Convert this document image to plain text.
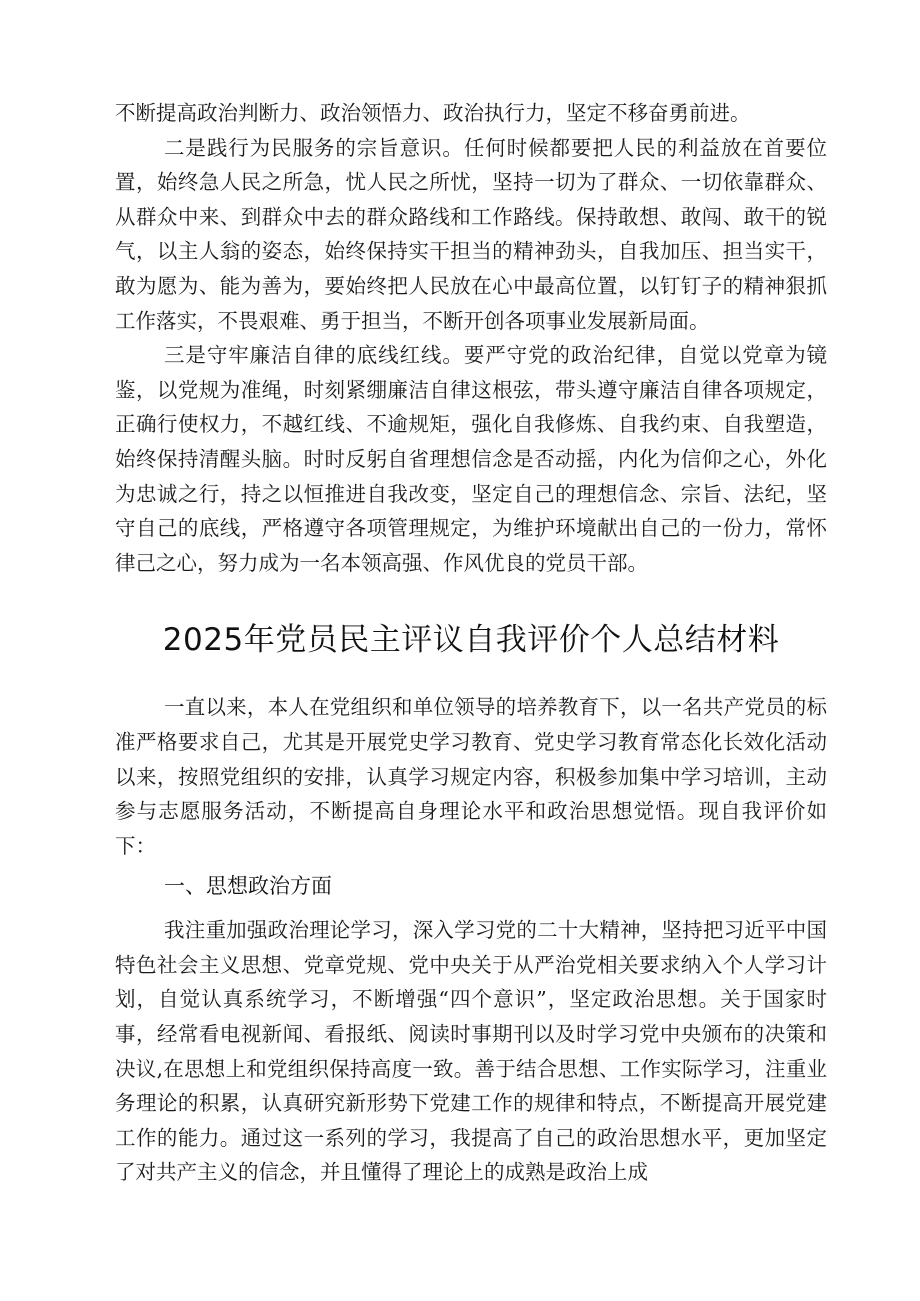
不断提高政治判断力、政治领悟力、政治执行力，坚定不移奋勇前进。

二是践行为民服务的宗旨意识。任何时候都要把人民的利益放在首要位置，始终急人民之所急，忧人民之所忧，坚持一切为了群众、一切依靠群众、从群众中来、到群众中去的群众路线和工作路线。保持敢想、敢闯、敢干的锐气，以主人翁的姿态，始终保持实干担当的精神劲头，自我加压、担当实干，敢为愿为、能为善为，要始终把人民放在心中最高位置，以钉钉子的精神狠抓工作落实，不畏艰难、勇于担当，不断开创各项事业发展新局面。

三是守牢廉洁自律的底线红线。要严守党的政治纪律，自觉以党章为镜鉴，以党规为准绳，时刻紧绷廉洁自律这根弦，带头遵守廉洁自律各项规定，正确行使权力，不越红线、不逾规矩，强化自我修炼、自我约束、自我塑造，始终保持清醒头脑。时时反躬自省理想信念是否动摇，内化为信仰之心，外化为忠诚之行，持之以恒推进自我改变，坚定自己的理想信念、宗旨、法纪，坚守自己的底线，严格遵守各项管理规定，为维护环境献出自己的一份力，常怀律己之心，努力成为一名本领高强、作风优良的党员干部。

2025年党员民主评议自我评价个人总结材料

一直以来，本人在党组织和单位领导的培养教育下，以一名共产党员的标准严格要求自己，尤其是开展党史学习教育、党史学习教育常态化长效化活动以来，按照党组织的安排，认真学习规定内容，积极参加集中学习培训，主动参与志愿服务活动，不断提高自身理论水平和政治思想觉悟。现自我评价如下：

一、思想政治方面

我注重加强政治理论学习，深入学习党的二十大精神，坚持把习近平中国特色社会主义思想、党章党规、党中央关于从严治党相关要求纳入个人学习计划，自觉认真系统学习，不断增强“四个意识”，坚定政治思想。关于国家时事，经常看电视新闻、看报纸、阅读时事期刊以及时学习党中央颁布的决策和决议,在思想上和党组织保持高度一致。善于结合思想、工作实际学习，注重业务理论的积累，认真研究新形势下党建工作的规律和特点，不断提高开展党建工作的能力。通过这一系列的学习，我提高了自己的政治思想水平，更加坚定了对共产主义的信念，并且懂得了理论上的成熟是政治上成
